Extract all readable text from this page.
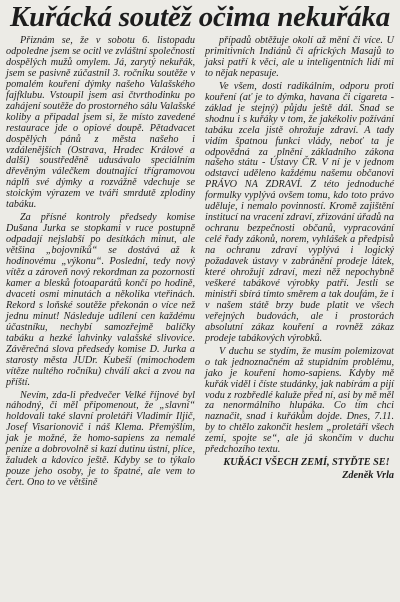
Kuřácká soutěž očima nekuřáka

Přiznám se, že v sobotu 6. listopadu odpoledne jsem se ocitl ve zvláštní společnosti dospělých mužů omylem. Já, zarytý nekuřák, jsem se pasivně zúčastnil 3. ročníku soutěže v pomalém kouření dýmky našeho Valašského fajfklubu. Vstoupil jsem asi čtvrthodinku po zahájení soutěže do prostorného sálu Valašské koliby a připadal jsem si, že místo zavedené restaurace jde o opiové doupě. Pětadvacet dospělých pánů z města našeho i vzdálenějších (Ostrava, Hradec Králové a další) soustředěně udusávalo speciálním dřevěným válečkem doutnající třígramovou náplň své dýmky a rozvážně vdechuje se stoickým výrazem ve tváři smrdutě zplodiny tabáku.

Za přísné kontroly předsedy komise Dušana Jurka se stopkami v ruce postupně odpadají nejslabší po desítkách minut, ale většina „bojovníků“ se dostává až k hodinovému „výkonu“. Poslední, tedy nový vítěz a zároveň nový rekordman za pozornosti kamer a blesků fotoaparátů končí po hodině, dvaceti osmi minutách a několika vteřinách. Rekord s loňské soutěže překonán o více než jednu minut! Následuje udílení cen každému účastníku, nechybí samozřejmě balíčky tabáku a hezké lahvinky valašské slivovice. Závěrečná slova předsedy komise D. Jurka a starosty města JUDr. Kubeší (mimochodem vítěze nultého ročníku) chválí akci a zvou na příští.

Nevím, zda-li předvečer Velké říjnové byl náhodný, či měl připomenout, že „slavní“ holdovali také slavní proletáři Vladimír Iljič, Josef Visarionovič i náš Klema. Přemýšlím, jak je možné, že homo-sapiens za nemalé peníze a dobrovolně si kazí dutinu ústní, plíce, žaludek a kdovíco ještě. Kdyby se to týkalo pouze jeho osoby, je to špatné, ale vem to čert. Ono to ve většině

případů obtěžuje okolí až mění či více. U primitivních Indiánů či afrických Masajů to jaksi patří k věci, ale u inteligentních lidí mi to nějak nepasuje.

Ve všem, dosti radikálním, odporu proti kouření (ať je to dýmka, havana či cigareta - základ je stejný) půjdu ještě dál. Snad se shodnu i s kuřáky v tom, že jakékoliv požívání tabáku zcela jistě ohrožuje zdraví. A tady vidím špatnou funkci vlády, neboť ta je odpovědná za plnění základního zákona našeho státu - Ústavy ČR. V ní je v jednom odstavci uděleno každému našemu občanovi PRÁVO NA ZDRAVÍ. Z této jednoduché formulky vyplývá ovšem tomu, kdo toto právo uděluje, i nemalo povinností. Kromě zajištění institucí na vracení zdraví, zřizování úřadů na ochranu bezpečnosti občanů, vypracování celé řady zákonů, norem, vyhlášek a předpisů na ochranu zdraví vyplývá i logický požadavek ústavy v zabránění prodeje látek, které ohrožují zdraví, mezi něž nepochybně veškeré tabákové výrobky patří. Jestli se ministři sbírá tímto směrem a tak doufám, že i v našem státě brzy bude platit ve všech veřejných budovách, ale i prostorách absolutní zákaz kouření a rovněž zákaz prodeje tabákových výrobků.

V duchu se stydím, že musím polemizovat o tak jednoznačném až stupidním problému, jako je kouření homo-sapiens. Kdyby mě kuřák viděl i číste studánky, jak nabírám a pijí vodu z rozbředlé kaluže před ní, asi by mě měl za nenormálního hlupáka. Co tím chci naznačit, snad i kuřákům dojde. Dnes, 7.11. by to chtělo zakončit heslem „proletáři všech zemí, spojte se“, ale já skončím v duchu předchozího textu.

KUŘÁCI VŠECH ZEMÍ, STYĎTE SE!

Zdeněk Vrla
